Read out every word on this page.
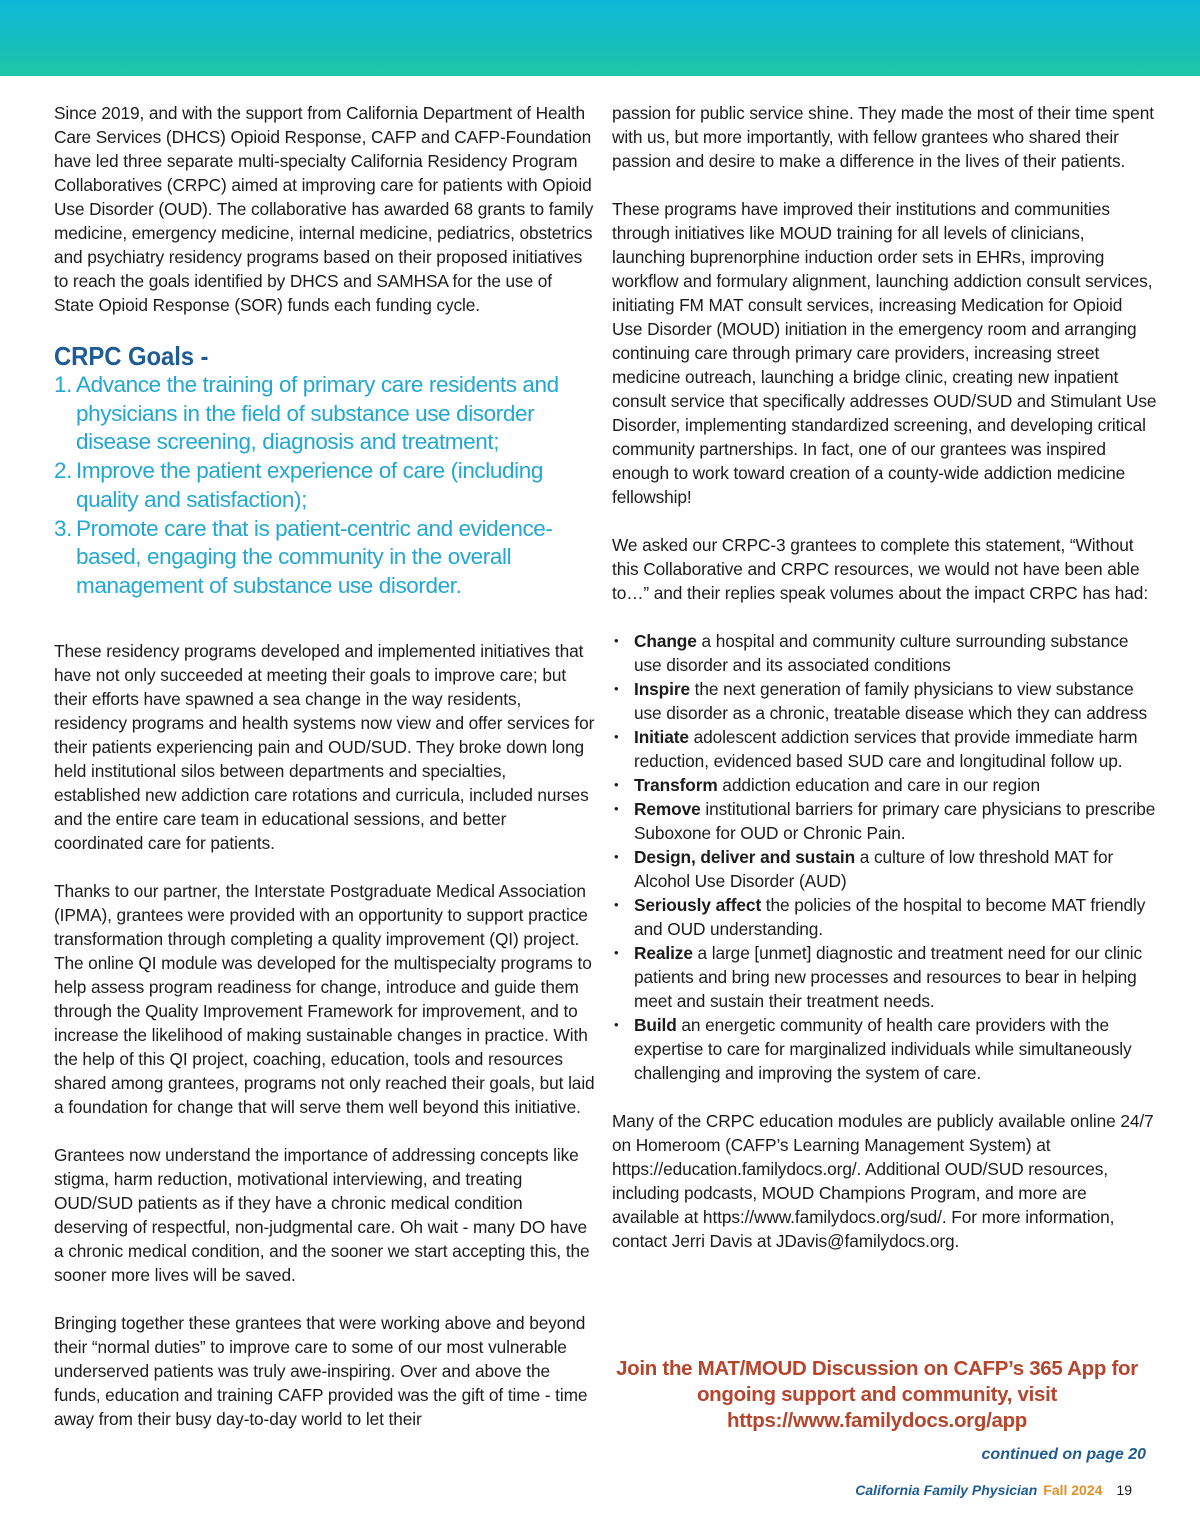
Since 2019, and with the support from California Department of Health Care Services (DHCS) Opioid Response, CAFP and CAFP-Foundation have led three separate multi-specialty California Residency Program Collaboratives (CRPC) aimed at improving care for patients with Opioid Use Disorder (OUD). The collaborative has awarded 68 grants to family medicine, emergency medicine, internal medicine, pediatrics, obstetrics and psychiatry residency programs based on their proposed initiatives to reach the goals identified by DHCS and SAMHSA for the use of State Opioid Response (SOR) funds each funding cycle.

CRPC Goals -
1. Advance the training of primary care residents and physicians in the field of substance use disorder disease screening, diagnosis and treatment;
2. Improve the patient experience of care (including quality and satisfaction);
3. Promote care that is patient-centric and evidence-based, engaging the community in the overall management of substance use disorder.

These residency programs developed and implemented initiatives that have not only succeeded at meeting their goals to improve care; but their efforts have spawned a sea change in the way residents, residency programs and health systems now view and offer services for their patients experiencing pain and OUD/SUD. They broke down long held institutional silos between departments and specialties, established new addiction care rotations and curricula, included nurses and the entire care team in educational sessions, and better coordinated care for patients.

Thanks to our partner, the Interstate Postgraduate Medical Association (IPMA), grantees were provided with an opportunity to support practice transformation through completing a quality improvement (QI) project. The online QI module was developed for the multispecialty programs to help assess program readiness for change, introduce and guide them through the Quality Improvement Framework for improvement, and to increase the likelihood of making sustainable changes in practice. With the help of this QI project, coaching, education, tools and resources shared among grantees, programs not only reached their goals, but laid a foundation for change that will serve them well beyond this initiative.

Grantees now understand the importance of addressing concepts like stigma, harm reduction, motivational interviewing, and treating OUD/SUD patients as if they have a chronic medical condition deserving of respectful, non-judgmental care. Oh wait - many DO have a chronic medical condition, and the sooner we start accepting this, the sooner more lives will be saved.

Bringing together these grantees that were working above and beyond their “normal duties” to improve care to some of our most vulnerable underserved patients was truly awe-inspiring. Over and above the funds, education and training CAFP provided was the gift of time - time away from their busy day-to-day world to let their

passion for public service shine. They made the most of their time spent with us, but more importantly, with fellow grantees who shared their passion and desire to make a difference in the lives of their patients.

These programs have improved their institutions and communities through initiatives like MOUD training for all levels of clinicians, launching buprenorphine induction order sets in EHRs, improving workflow and formulary alignment, launching addiction consult services, initiating FM MAT consult services, increasing Medication for Opioid Use Disorder (MOUD) initiation in the emergency room and arranging continuing care through primary care providers, increasing street medicine outreach, launching a bridge clinic, creating new inpatient consult service that specifically addresses OUD/SUD and Stimulant Use Disorder, implementing standardized screening, and developing critical community partnerships. In fact, one of our grantees was inspired enough to work toward creation of a county-wide addiction medicine fellowship!

We asked our CRPC-3 grantees to complete this statement, “Without this Collaborative and CRPC resources, we would not have been able to…” and their replies speak volumes about the impact CRPC has had:

• Change a hospital and community culture surrounding substance use disorder and its associated conditions
• Inspire the next generation of family physicians to view substance use disorder as a chronic, treatable disease which they can address
• Initiate adolescent addiction services that provide immediate harm reduction, evidenced based SUD care and longitudinal follow up.
• Transform addiction education and care in our region
• Remove institutional barriers for primary care physicians to prescribe Suboxone for OUD or Chronic Pain.
• Design, deliver and sustain a culture of low threshold MAT for Alcohol Use Disorder (AUD)
• Seriously affect the policies of the hospital to become MAT friendly and OUD understanding.
• Realize a large [unmet] diagnostic and treatment need for our clinic patients and bring new processes and resources to bear in helping meet and sustain their treatment needs.
• Build an energetic community of health care providers with the expertise to care for marginalized individuals while simultaneously challenging and improving the system of care.

Many of the CRPC education modules are publicly available online 24/7 on Homeroom (CAFP’s Learning Management System) at https://education.familydocs.org/. Additional OUD/SUD resources, including podcasts, MOUD Champions Program, and more are available at https://www.familydocs.org/sud/. For more information, contact Jerri Davis at JDavis@familydocs.org.

Join the MAT/MOUD Discussion on CAFP’s 365 App for
ongoing support and community, visit
https://www.familydocs.org/app
continued on page 20
California Family Physician Fall 2024 19
